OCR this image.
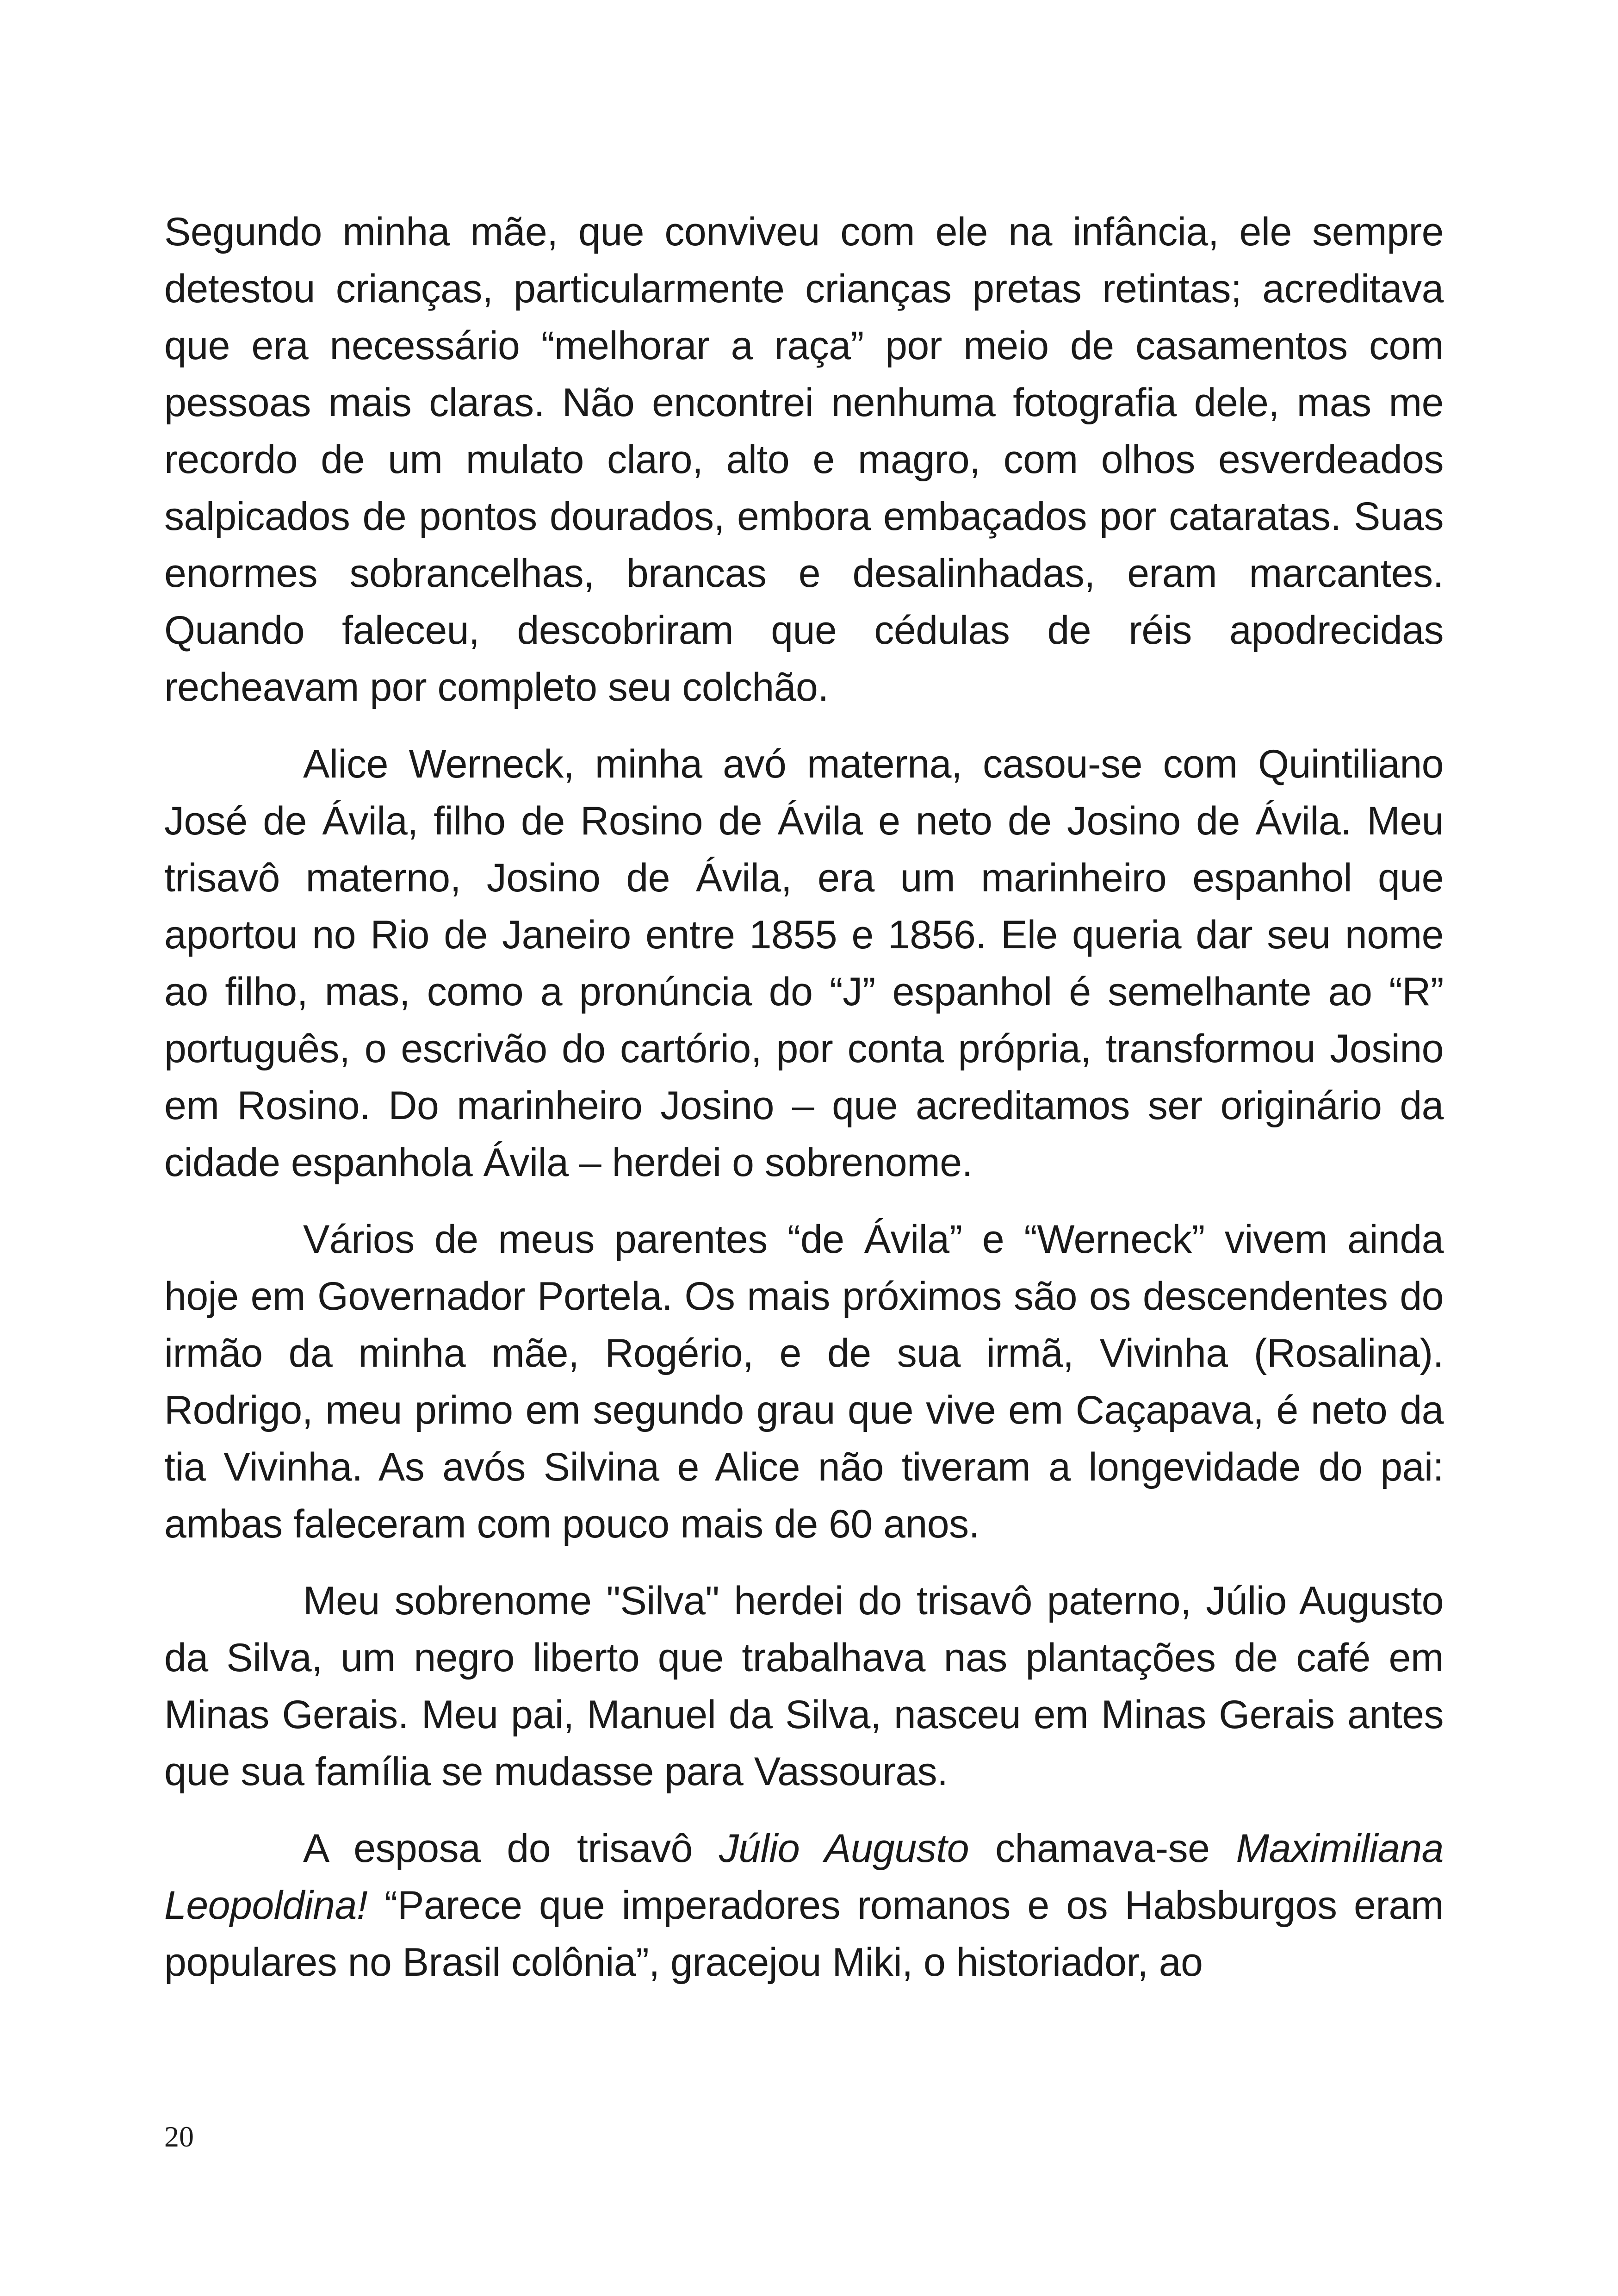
Segundo minha mãe, que conviveu com ele na infância, ele sempre detestou crianças, particularmente crianças pretas retintas; acreditava que era necessário “melhorar a raça” por meio de casamentos com pessoas mais claras. Não encontrei nenhuma fotografia dele, mas me recordo de um mulato claro, alto e magro, com olhos esverdeados salpicados de pontos dourados, embora embaçados por cataratas. Suas enormes sobrancelhas, brancas e desalinhadas, eram marcantes. Quando faleceu, descobriram que cédulas de réis apodrecidas recheavam por completo seu colchão.

Alice Werneck, minha avó materna, casou-se com Quintiliano José de Ávila, filho de Rosino de Ávila e neto de Josino de Ávila. Meu trisavô materno, Josino de Ávila, era um marinheiro espanhol que aportou no Rio de Janeiro entre 1855 e 1856. Ele queria dar seu nome ao filho, mas, como a pronúncia do “J” espanhol é semelhante ao “R” português, o escrivão do cartório, por conta própria, transformou Josino em Rosino. Do marinheiro Josino – que acreditamos ser originário da cidade espanhola Ávila – herdei o sobrenome.

Vários de meus parentes “de Ávila” e “Werneck” vivem ainda hoje em Governador Portela. Os mais próximos são os descendentes do irmão da minha mãe, Rogério, e de sua irmã, Vivinha (Rosalina). Rodrigo, meu primo em segundo grau que vive em Caçapava, é neto da tia Vivinha. As avós Silvina e Alice não tiveram a longevidade do pai: ambas faleceram com pouco mais de 60 anos.

Meu sobrenome "Silva" herdei do trisavô paterno, Júlio Augusto da Silva, um negro liberto que trabalhava nas plantações de café em Minas Gerais. Meu pai, Manuel da Silva, nasceu em Minas Gerais antes que sua família se mudasse para Vassouras.

A esposa do trisavô Júlio Augusto chamava-se Maximiliana Leopoldina! “Parece que imperadores romanos e os Habsburgos eram populares no Brasil colônia”, gracejou Miki, o historiador, ao

20
